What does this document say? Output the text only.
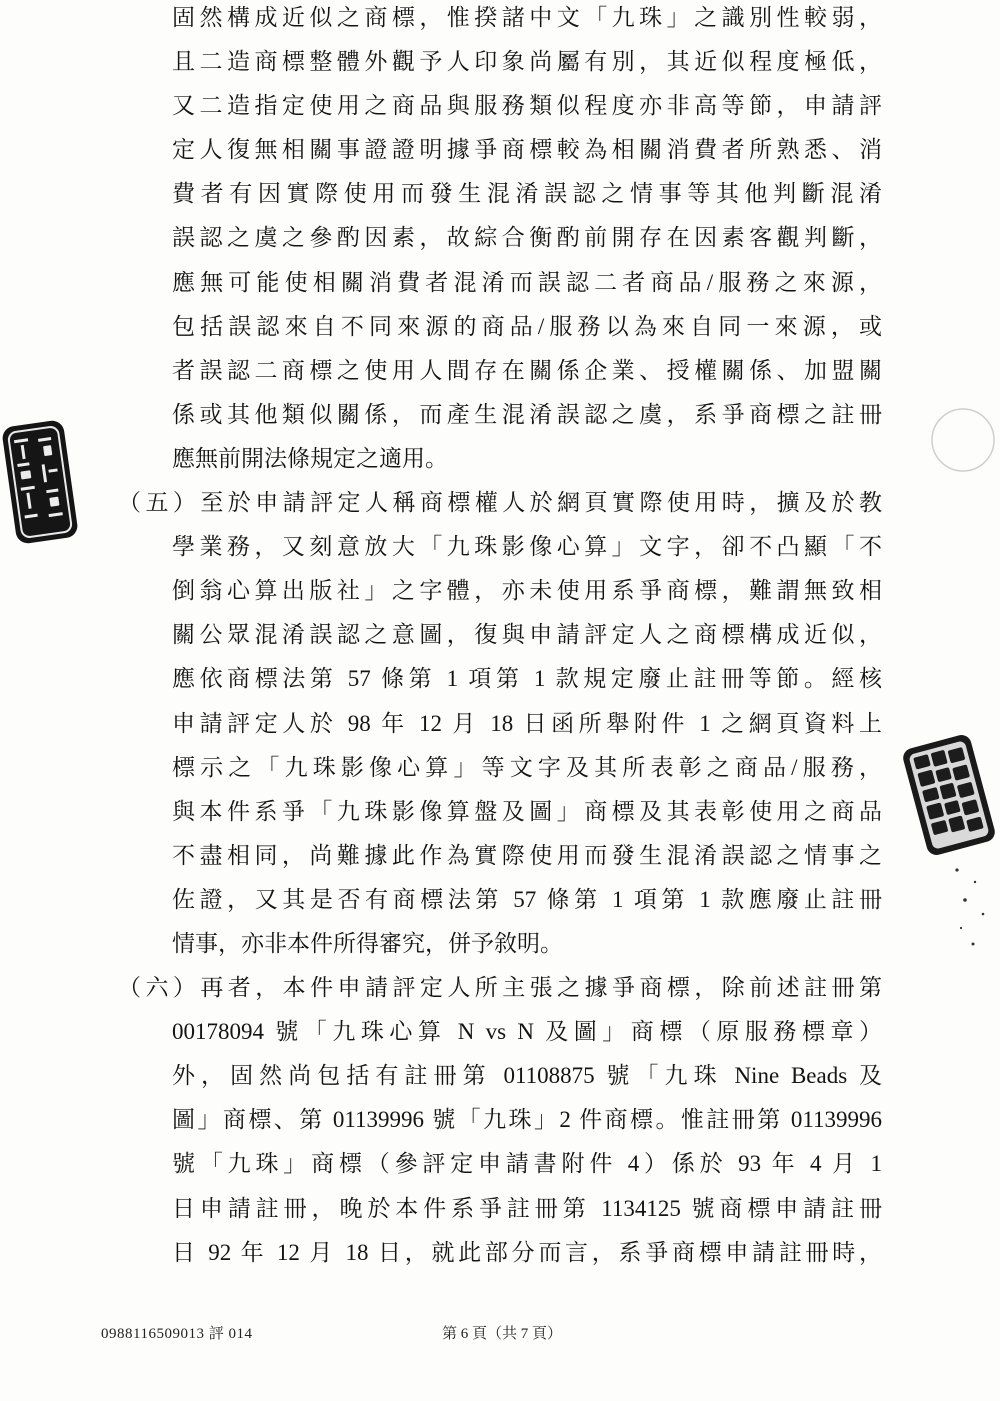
固然構成近似之商標，惟揆諸中文「九珠」之識別性較弱，
且二造商標整體外觀予人印象尚屬有別，其近似程度極低，
又二造指定使用之商品與服務類似程度亦非高等節，申請評
定人復無相關事證證明據爭商標較為相關消費者所熟悉、消
費者有因實際使用而發生混淆誤認之情事等其他判斷混淆
誤認之虞之參酌因素，故綜合衡酌前開存在因素客觀判斷，
應無可能使相關消費者混淆而誤認二者商品/服務之來源，
包括誤認來自不同來源的商品/服務以為來自同一來源，或
者誤認二商標之使用人間存在關係企業、授權關係、加盟關
係或其他類似關係，而產生混淆誤認之虞，系爭商標之註冊
應無前開法條規定之適用。
（五）至於申請評定人稱商標權人於網頁實際使用時，擴及於教
學業務，又刻意放大「九珠影像心算」文字，卻不凸顯「不
倒翁心算出版社」之字體，亦未使用系爭商標，難謂無致相
關公眾混淆誤認之意圖，復與申請評定人之商標構成近似，
應依商標法第 57 條第 1 項第 1 款規定廢止註冊等節。經核
申請評定人於 98 年 12 月 18 日函所舉附件 1 之網頁資料上
標示之「九珠影像心算」等文字及其所表彰之商品/服務，
與本件系爭「九珠影像算盤及圖」商標及其表彰使用之商品
不盡相同，尚難據此作為實際使用而發生混淆誤認之情事之
佐證，又其是否有商標法第 57 條第 1 項第 1 款應廢止註冊
情事，亦非本件所得審究，併予敘明。
（六）再者，本件申請評定人所主張之據爭商標，除前述註冊第
00178094 號「九珠心算 N vs N 及圖」商標（原服務標章）
外，固然尚包括有註冊第 01108875 號「九珠 Nine Beads 及
圖」商標、第 01139996 號「九珠」2 件商標。惟註冊第 01139996
號「九珠」商標（參評定申請書附件 4）係於 93 年 4 月 1
日申請註冊，晚於本件系爭註冊第 1134125 號商標申請註冊
日 92 年 12 月 18 日，就此部分而言，系爭商標申請註冊時，
0988116509013 評 014	第 6 頁（共 7 頁）
